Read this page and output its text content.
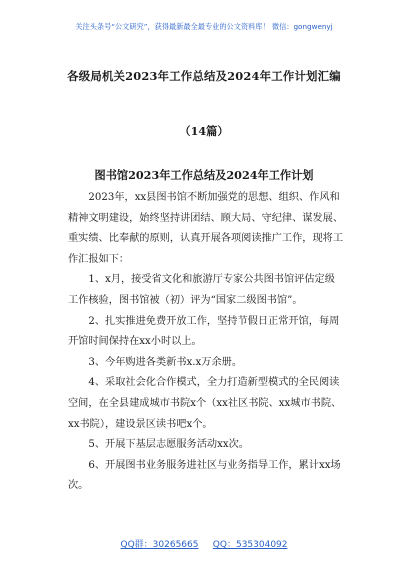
关注头条号“公文研究”，获得最新最全最专业的公文资料库！ 微信：gongwenyj
各级局机关2023年工作总结及2024年工作计划汇编
（14篇）
图书馆2023年工作总结及2024年工作计划

2023年，xx县图书馆不断加强党的思想、组织、作风和精神文明建设，始终坚持讲团结、顾大局、守纪律、谋发展、重实绩、比奉献的原则，认真开展各项阅读推广工作，现将工作汇报如下：

1、x月，接受省文化和旅游厅专家公共图书馆评估定级工作核验，图书馆被（初）评为“国家二级图书馆”。

2、扎实推进免费开放工作，坚持节假日正常开馆，每周开馆时间保持在xx小时以上。

3、今年购进各类新书x.x万余册。

4、采取社会化合作模式，全力打造新型模式的全民阅读空间，在全县建成城市书院x个（xx社区书院、xx城市书院、xx书院），建设景区读书吧x个。

5、开展下基层志愿服务活动xx次。

6、开展图书业务服务进社区与业务指导工作，累计xx场次。

QQ群：30265665 QQ：535304092
